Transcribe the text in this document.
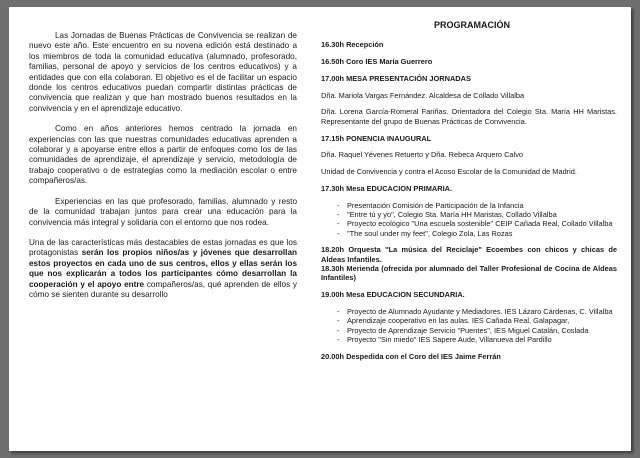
Las Jornadas de Buenas Prácticas de Convivencia se realizan de nuevo este año. Este encuentro en su novena edición está destinado a los miembros de toda la comunidad educativa (alumnado, profesorado, familias, personal de apoyo y servicios de los centros educativos) y a entidades que con ella colaboran. El objetivo es el de facilitar un espacio donde los centros educativos puedan compartir distintas prácticas de convivencia que realizan y que han mostrado buenos resultados en la convivencia y en el aprendizaje educativo.

Como en años anteriores hemos centrado la jornada en experiencias con las que nuestras comunidades educativas aprenden a colaborar y a apoyarse entre ellos a partir de enfoques como los de las comunidades de aprendizaje, el aprendizaje y servicio, metodología de trabajo cooperativo o de estrategias como la mediación escolar o entre compañeros/as.

Experiencias en las que profesorado, familias, alumnado y resto de la comunidad trabajan juntos para crear una educación para la convivencia más integral y solidaria con el entorno que nos rodea.

Una de las características más destacables de estas jornadas es que los protagonistas serán los propios niños/as y jóvenes que desarrollan estos proyectos en cada uno de sus centros, ellos y ellas serán los que nos explicarán a todos los participantes cómo desarrollan la cooperación y el apoyo entre compañeros/as, qué aprenden de ellos y cómo se sienten durante su desarrollo

PROGRAMACIÓN

16.30h Recepción

16.50h Coro IES María Guerrero

17.00h MESA PRESENTACIÓN JORNADAS

Dña. Mariola Vargas Fernández. Alcaldesa de Collado Villalba

Dña. Lorena García-Romeral Fariñas. Orientadora del Colegio Sta. María HH Maristas. Representante del grupo de Buenas Prácticas de Convivencia.

17.15h PONENCIA INAUGURAL

Dña. Raquel Yévenes Retuerto y Dña. Rebeca Arquero Calvo

Unidad de Convivencia y contra el Acoso Escolar de la Comunidad de Madrid.

17.30h Mesa EDUCACION PRIMARIA.

- Presentación Comisión de Participación de la Infancia
- "Entre tú y yo", Colegio Sta. María HH Maristas, Collado Villalba
- Proyecto ecológico "Una escuela sostenible" CEIP Cañada Real, Collado Villalba
- "The soul under my feet", Colegio Zola, Las Rozas

18.20h Orquesta "La música del Reciclaje" Ecoembes con chicos y chicas de Aldeas Infantiles.

18.30h Merienda (ofrecida por alumnado del Taller Profesional de Cocina de Aldeas Infantiles)

19.00h Mesa EDUCACION SECUNDARIA.

- Proyecto de Alumnado Ayudante y Mediadores. IES Lázaro Cárdenas, C. Villalba
- Aprendizaje cooperativo en las aulas. IES Cañada Real, Galapagar,
- Proyecto de Aprendizaje Servicio "Puentes", IES Miguel Catalán, Coslada
- Proyecto "Sin miedo" IES Sapere Aude, Villanueva del Pardillo

20.00h Despedida con el Coro del IES Jaime Ferrán
